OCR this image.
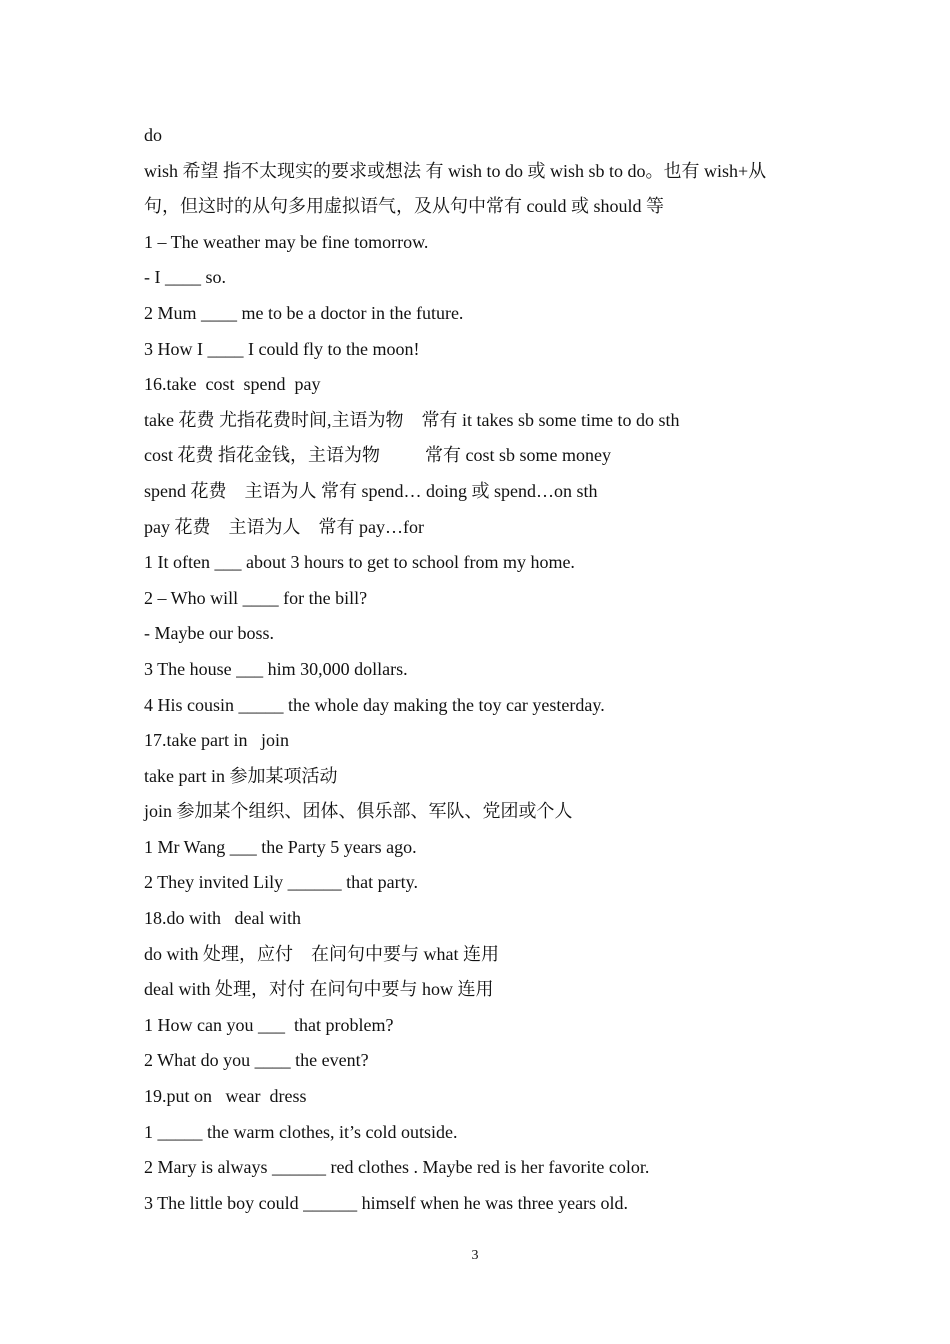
do

wish 希望 指不太现实的要求或想法 有 wish to do 或 wish sb to do。也有 wish+从

句，但这时的从句多用虚拟语气，及从句中常有 could 或 should 等

1 – The weather may be fine tomorrow.

- I ____ so.

2 Mum ____ me to be a doctor in the future.

3 How I ____ I could fly to the moon!

16.take  cost  spend  pay

take 花费 尤指花费时间,主语为物    常有 it takes sb some time to do sth

cost 花费 指花金钱，主语为物          常有 cost sb some money

spend 花费    主语为人 常有 spend… doing 或 spend…on sth

pay 花费    主语为人    常有 pay…for

1 It often ___ about 3 hours to get to school from my home.

2 – Who will ____ for the bill?

- Maybe our boss.

3 The house ___ him 30,000 dollars.

4 His cousin _____ the whole day making the toy car yesterday.

17.take part in   join

take part in 参加某项活动

join 参加某个组织、团体、俱乐部、军队、党团或个人

1 Mr Wang ___ the Party 5 years ago.

2 They invited Lily ______ that party.

18.do with   deal with

do with 处理，应付    在问句中要与 what 连用

deal with 处理，对付 在问句中要与 how 连用

1 How can you ___  that problem?

2 What do you ____ the event?

19.put on   wear  dress

1 _____ the warm clothes, it’s cold outside.

2 Mary is always ______ red clothes . Maybe red is her favorite color.

3 The little boy could ______ himself when he was three years old.

3
